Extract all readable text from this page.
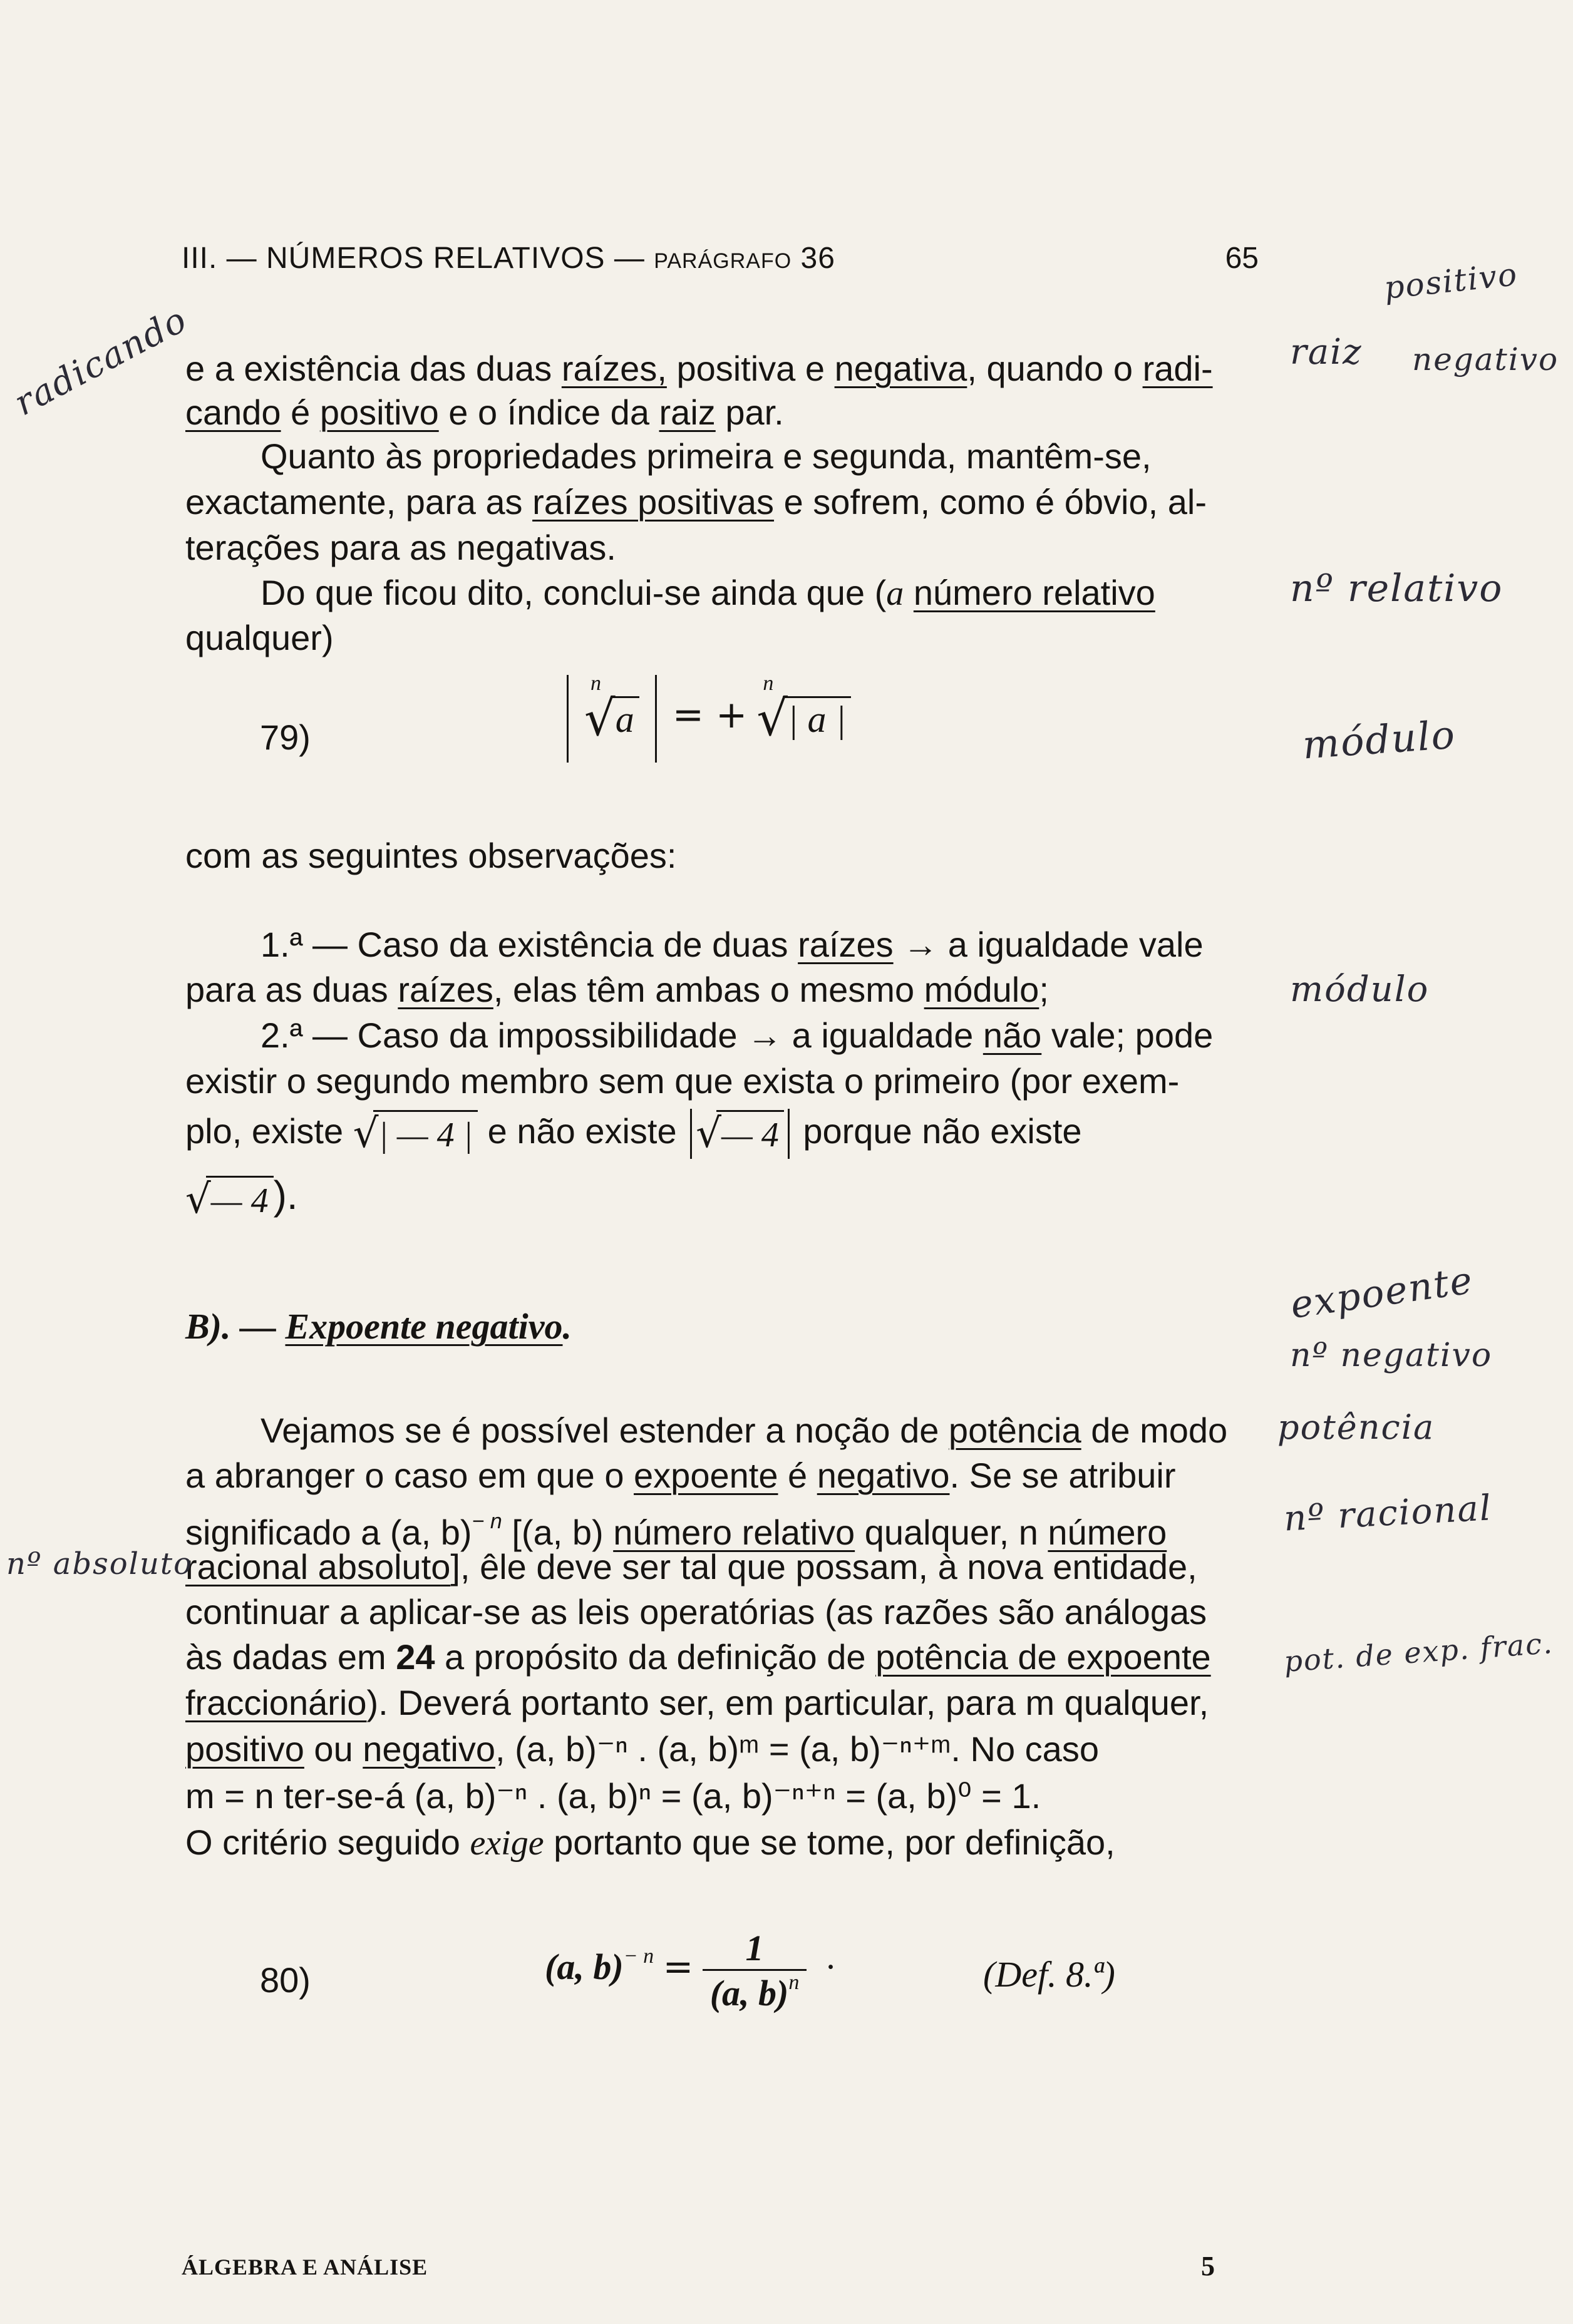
III. — NÚMEROS RELATIVOS — parágrafo 36	65
e a existência das duas raízes, positiva e negativa, quando o radi-
cando é positivo e o índice da raiz par.
Quanto às propriedades primeira e segunda, mantêm-se,
exactamente, para as raízes positivas e sofrem, como é óbvio, al-
terações para as negativas.
Do que ficou dito, conclui-se ainda que (a número relativo
qualquer)
79)

n
√a = +
n
√| a |
com as seguintes observações:
1.ª — Caso da existência de duas raízes → a igualdade vale
para as duas raízes, elas têm ambas o mesmo módulo;
2.ª — Caso da impossibilidade → a igualdade não vale; pode
existir o segundo membro sem que exista o primeiro (por exem-
plo, existe √| — 4 | e não existe √— 4 porque não existe
√— 4 ).
B). — Expoente negativo.
Vejamos se é possível estender a noção de potência de modo
a abranger o caso em que o expoente é negativo. Se se atribuir
significado a (a, b)$^{- n}$ [(a, b) número relativo qualquer, n número
racional absoluto], êle deve ser tal que possam, à nova entidade,
continuar a aplicar-se as leis operatórias (as razões são análogas
às dadas em 24 a propósito da definição de potência de expoente
fraccionário). Deverá portanto ser, em particular, para m qualquer,
positivo ou negativo, (a, b)⁻ⁿ . (a, b)ᵐ = (a, b)⁻ⁿ⁺ᵐ. No caso
m = n ter-se-á (a, b)⁻ⁿ . (a, b)ⁿ = (a, b)⁻ⁿ⁺ⁿ = (a, b)⁰ = 1.
O critério seguido exige portanto que se tome, por definição,
80)	(a, $b)^{- n} = \frac{1}{(a, b)^n}$ ·	(Def. 8.ª)
ÁLGEBRA E ANÁLISE	5
radicando	raiz
positivo
negativo
nº relativo
módulo
módulo
expoente
nº negativo
potência
nº racional
nº absoluto
pot. de exp. frac.
